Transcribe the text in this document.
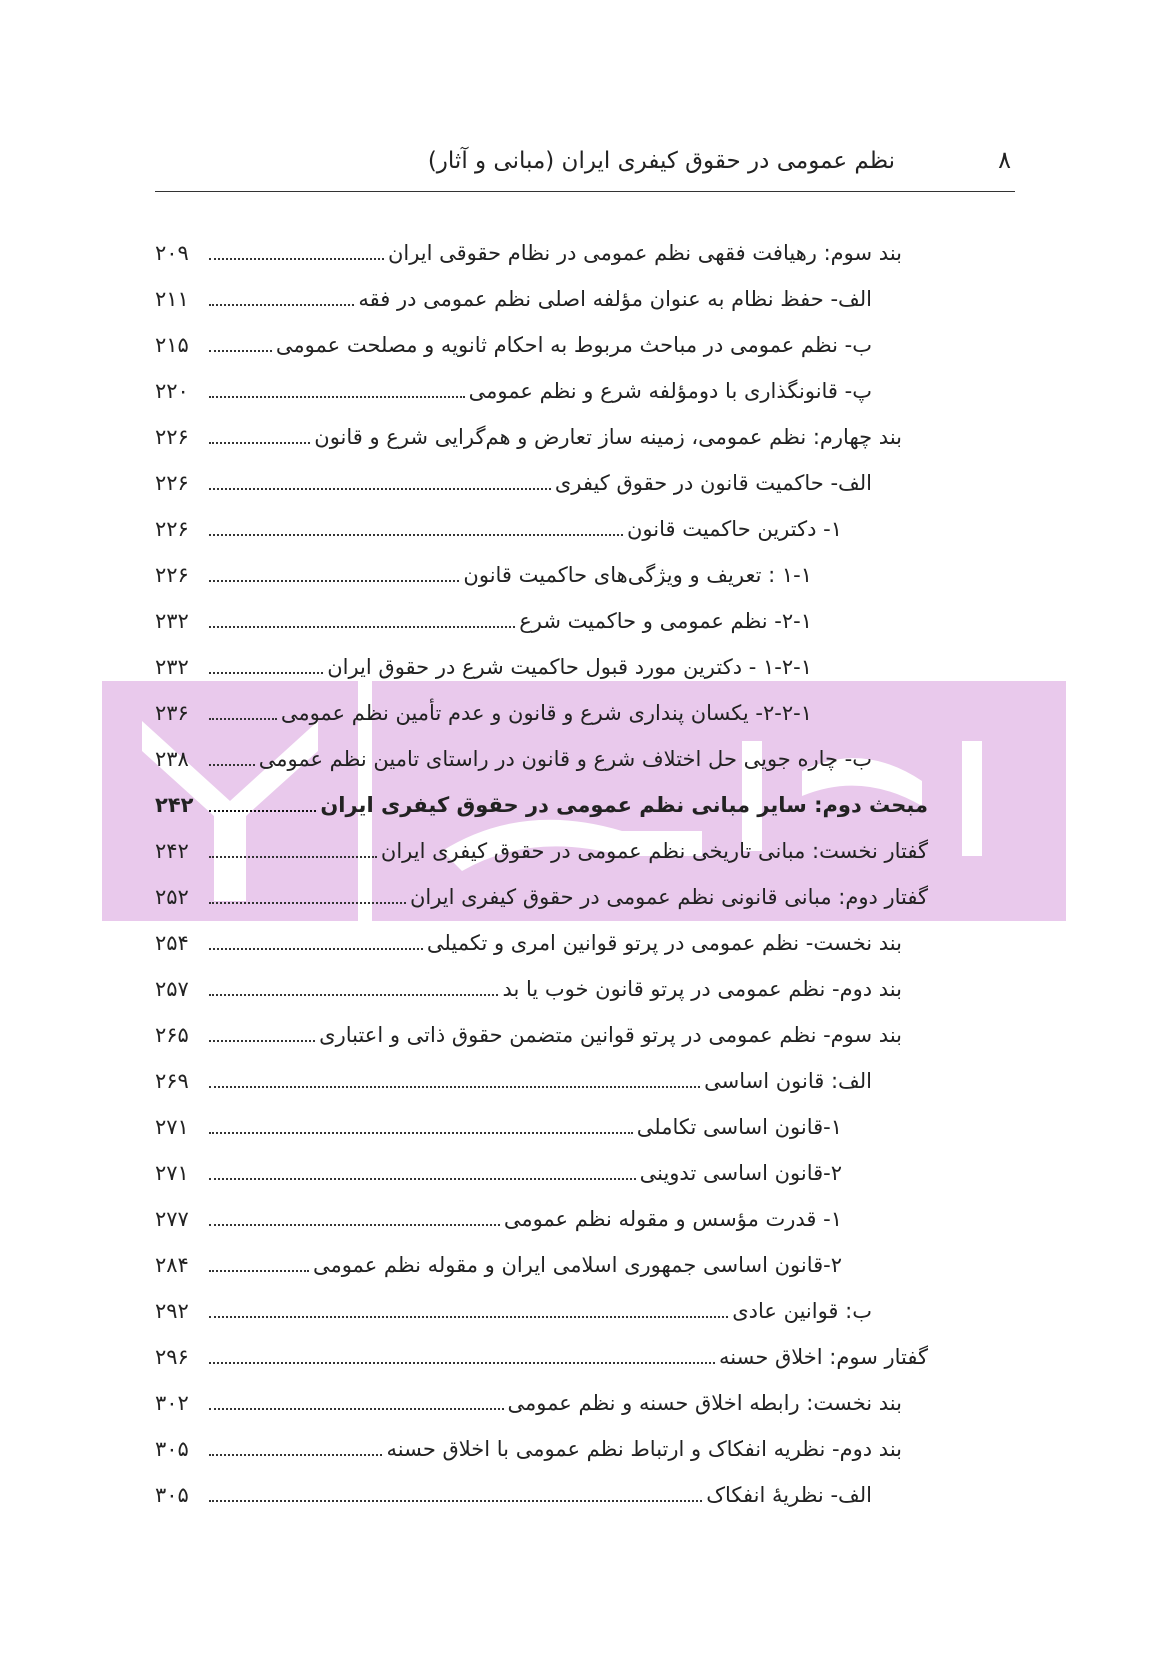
۸
نظم عمومی در حقوق کیفری ایران (مبانی و آثار)
بند سوم: رهیافت فقهی نظم عمومی در نظام حقوقی ایران
۲۰۹
الف- حفظ نظام به عنوان مؤلفه اصلی نظم عمومی در فقه
۲۱۱
ب- نظم عمومی در مباحث مربوط به احکام ثانویه و مصلحت عمومی
۲۱۵
پ- قانونگذاری با دومؤلفه شرع و نظم عمومی
۲۲۰
بند چهارم: نظم عمومی، زمینه ساز تعارض و هم‌گرایی شرع و قانون
۲۲۶
الف- حاکمیت قانون در حقوق کیفری
۲۲۶
۱- دکترین حاکمیت قانون
۲۲۶
۱-۱ : تعریف و ویژگی‌های حاکمیت قانون
۲۲۶
۲-۱- نظم عمومی و حاکمیت شرع
۲۳۲
۱-۲-۱ - دکترین مورد قبول حاکمیت شرع در حقوق ایران
۲۳۲
۲-۲-۱- یکسان پنداری شرع و قانون و عدم تأمین نظم عمومی
۲۳۶
ب- چاره جویی حل اختلاف شرع و قانون در راستای تامین نظم عمومی
۲۳۸
مبحث دوم: سایر مبانی نظم عمومی در حقوق کیفری ایران
۲۴۲
گفتار نخست: مبانی تاریخی نظم عمومی در حقوق کیفری ایران
۲۴۲
گفتار دوم: مبانی قانونی نظم عمومی در حقوق کیفری ایران
۲۵۲
بند نخست- نظم عمومی در پرتو قوانین امری و تکمیلی
۲۵۴
بند دوم- نظم عمومی در پرتو قانون خوب یا بد
۲۵۷
بند سوم- نظم عمومی در پرتو قوانین متضمن حقوق ذاتی و اعتباری
۲۶۵
الف: قانون اساسی
۲۶۹
۱-قانون اساسی تکاملی
۲۷۱
۲-قانون اساسی تدوینی
۲۷۱
۱- قدرت مؤسس و مقوله نظم عمومی
۲۷۷
۲-قانون اساسی جمهوری اسلامی ایران و مقوله نظم عمومی
۲۸۴
ب: قوانین عادی
۲۹۲
گفتار سوم: اخلاق حسنه
۲۹۶
بند نخست: رابطه اخلاق حسنه و نظم عمومی
۳۰۲
بند دوم- نظریه انفکاک و ارتباط نظم عمومی با اخلاق حسنه
۳۰۵
الف- نظریهٔ انفکاک
۳۰۵
